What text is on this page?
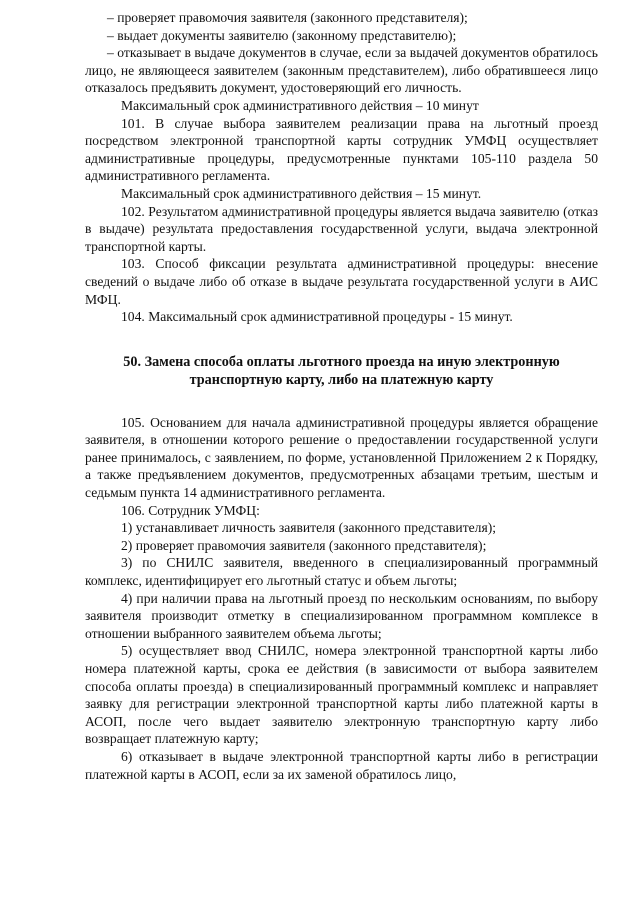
– проверяет правомочия заявителя (законного представителя);

– выдает документы заявителю (законному представителю);

– отказывает в выдаче документов в случае, если за выдачей документов обратилось лицо, не являющееся заявителем (законным представителем), либо обратившееся лицо отказалось предъявить документ, удостоверяющий его личность.

Максимальный срок административного действия – 10 минут

101. В случае выбора заявителем реализации права на льготный проезд посредством электронной транспортной карты сотрудник УМФЦ осуществляет административные процедуры, предусмотренные пунктами 105-110 раздела 50 административного регламента.

Максимальный срок административного действия – 15 минут.

102. Результатом административной процедуры является выдача заявителю (отказ в выдаче) результата предоставления государственной услуги, выдача электронной транспортной карты.

103. Способ фиксации результата административной процедуры: внесение сведений о выдаче либо об отказе в выдаче результата государственной услуги в АИС МФЦ.

104. Максимальный срок административной процедуры - 15 минут.

50. Замена способа оплаты льготного проезда на иную электронную транспортную карту, либо на платежную карту

105. Основанием для начала административной процедуры является обращение заявителя, в отношении которого решение о предоставлении государственной услуги ранее принималось, с заявлением, по форме, установленной Приложением 2 к Порядку, а также предъявлением документов, предусмотренных абзацами третьим, шестым и седьмым пункта 14 административного регламента.

106. Сотрудник УМФЦ:

1) устанавливает личность заявителя (законного представителя);

2) проверяет правомочия заявителя (законного представителя);

3) по СНИЛС заявителя, введенного в специализированный программный комплекс, идентифицирует его льготный статус и объем льготы;

4) при наличии права на льготный проезд по нескольким основаниям, по выбору заявителя производит отметку в специализированном программном комплексе в отношении выбранного заявителем объема льготы;

5) осуществляет ввод СНИЛС, номера электронной транспортной карты либо номера платежной карты, срока ее действия (в зависимости от выбора заявителем способа оплаты проезда) в специализированный программный комплекс и направляет заявку для регистрации электронной транспортной карты либо платежной карты в АСОП, после чего выдает заявителю электронную транспортную карту либо возвращает платежную карту;

6) отказывает в выдаче электронной транспортной карты либо в регистрации платежной карты в АСОП, если за их заменой обратилось лицо,
